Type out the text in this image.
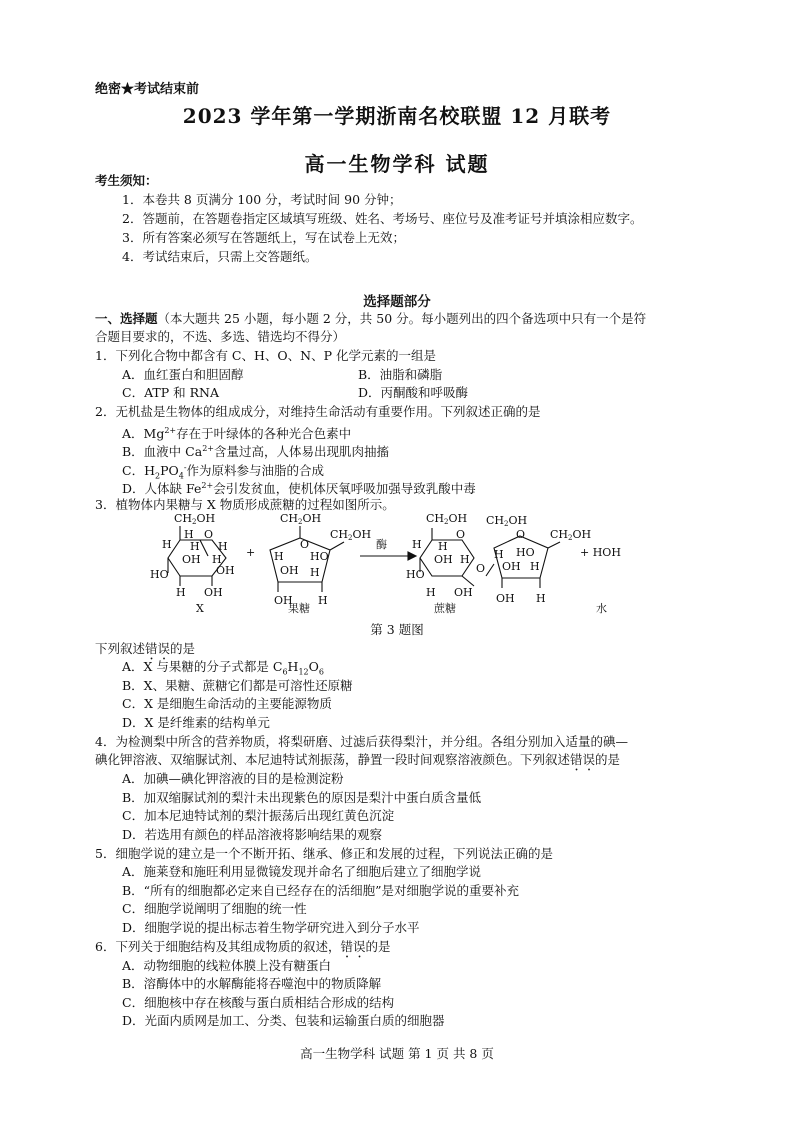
绝密★考试结束前
2023 学年第一学期浙南名校联盟 12 月联考
高一生物学科 试题
考生须知：
1．本卷共 8 页满分 100 分，考试时间 90 分钟；
2．答题前，在答题卷指定区域填写班级、姓名、考场号、座位号及准考证号并填涂相应数字。
3．所有答案必须写在答题纸上，写在试卷上无效；
4．考试结束后，只需上交答题纸。
选择题部分
一、选择题（本大题共 25 小题，每小题 2 分，共 50 分。每小题列出的四个备选项中只有一个是符
合题目要求的，不选、多选、错选均不得分）
1．下列化合物中都含有 C、H、O、N、P 化学元素的一组是
A．血红蛋白和胆固醇	B．油脂和磷脂
C．ATP 和 RNA	D．丙酮酸和呼吸酶
2．无机盐是生物体的组成成分，对维持生命活动有重要作用。下列叙述正确的是
A．$Mg^{2+}$存在于叶绿体的各种光合色素中
B．血液中 $Ca^{2+}$含量过高，人体易出现肌肉抽搐
C．$H_2PO_4^-$作为原料参与油脂的合成
D．人体缺 $Fe^{2+}$会引发贫血，使机体厌氧呼吸加强导致乳酸中毒
3．植物体内果糖与 X 物质形成蔗糖的过程如图所示。
CH2OH
H O
H H H
OH H
HO	OH
H OH
X
+
CH2OH
O
CH2OH
H HO
OH H
OH H
果糖
酶
CH2OH
O
H H
OH H
HO	O
H OH
CH2OH
O CH2OH
H HO
OH H
OH H
蔗糖
+ HOH
水
第 3 题图
下列叙述错误的是
A．X 与果糖的分子式都是 $C_6H_{12}O_6$
B．X、果糖、蔗糖它们都是可溶性还原糖
C．X 是细胞生命活动的主要能源物质
D．X 是纤维素的结构单元
4．为检测梨中所含的营养物质，将梨研磨、过滤后获得梨汁，并分组。各组分别加入适量的碘—
碘化钾溶液、双缩脲试剂、本尼迪特试剂振荡，静置一段时间观察溶液颜色。下列叙述错误的是
A．加碘—碘化钾溶液的目的是检测淀粉
B．加双缩脲试剂的梨汁未出现紫色的原因是梨汁中蛋白质含量低
C．加本尼迪特试剂的梨汁振荡后出现红黄色沉淀
D．若选用有颜色的样品溶液将影响结果的观察
5．细胞学说的建立是一个不断开拓、继承、修正和发展的过程，下列说法正确的是
A．施莱登和施旺利用显微镜发现并命名了细胞后建立了细胞学说
B．“所有的细胞都必定来自已经存在的活细胞”是对细胞学说的重要补充
C．细胞学说阐明了细胞的统一性
D．细胞学说的提出标志着生物学研究进入到分子水平
6．下列关于细胞结构及其组成物质的叙述，错误的是
A．动物细胞的线粒体膜上没有糖蛋白
B．溶酶体中的水解酶能将吞噬泡中的物质降解
C．细胞核中存在核酸与蛋白质相结合形成的结构
D．光面内质网是加工、分类、包装和运输蛋白质的细胞器
高一生物学科 试题 第 1 页 共 8 页
